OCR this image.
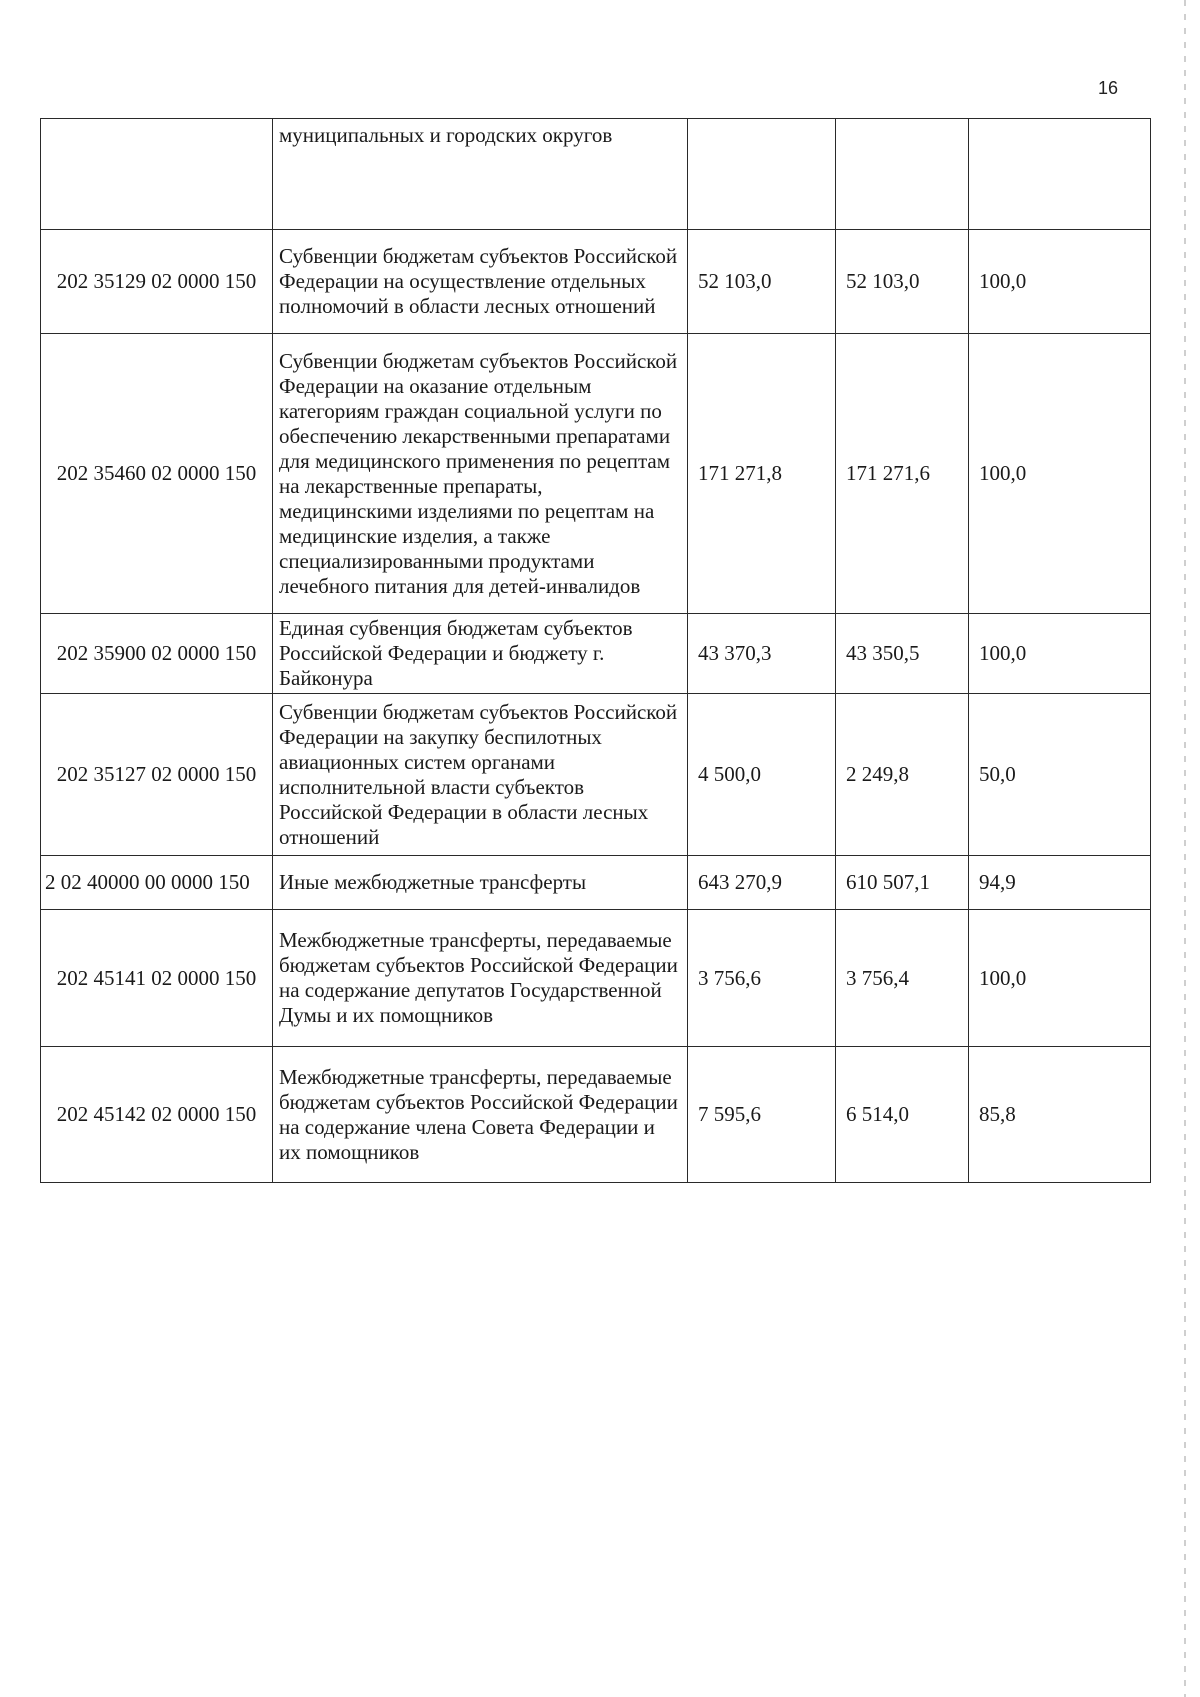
16
	муниципальных и городских округов			
202 35129 02 0000 150	Субвенции бюджетам субъектов Российской Федерации на осуществление отдельных полномочий в области лесных отношений	52 103,0	52 103,0	100,0
202 35460 02 0000 150	Субвенции бюджетам субъектов Российской Федерации на оказание отдельным категориям граждан социальной услуги по обеспечению лекарственными препаратами для медицинского применения по рецептам на лекарственные препараты, медицинскими изделиями по рецептам на медицинские изделия, а также специализированными продуктами лечебного питания для детей-инвалидов	171 271,8	171 271,6	100,0
202 35900 02 0000 150	Единая субвенция бюджетам субъектов Российской Федерации и бюджету г. Байконура	43 370,3	43 350,5	100,0
202 35127 02 0000 150	Субвенции бюджетам субъектов Российской Федерации на закупку беспилотных авиационных систем органами исполнительной власти субъектов Российской Федерации в области лесных отношений	4 500,0	2 249,8	50,0
2 02 40000 00 0000 150	Иные межбюджетные трансферты	643 270,9	610 507,1	94,9
202 45141 02 0000 150	Межбюджетные трансферты, передаваемые бюджетам субъектов Российской Федерации на содержание депутатов Государственной Думы и их помощников	3 756,6	3 756,4	100,0
202 45142 02 0000 150	Межбюджетные трансферты, передаваемые бюджетам субъектов Российской Федерации на содержание члена Совета Федерации и их помощников	7 595,6	6 514,0	85,8
